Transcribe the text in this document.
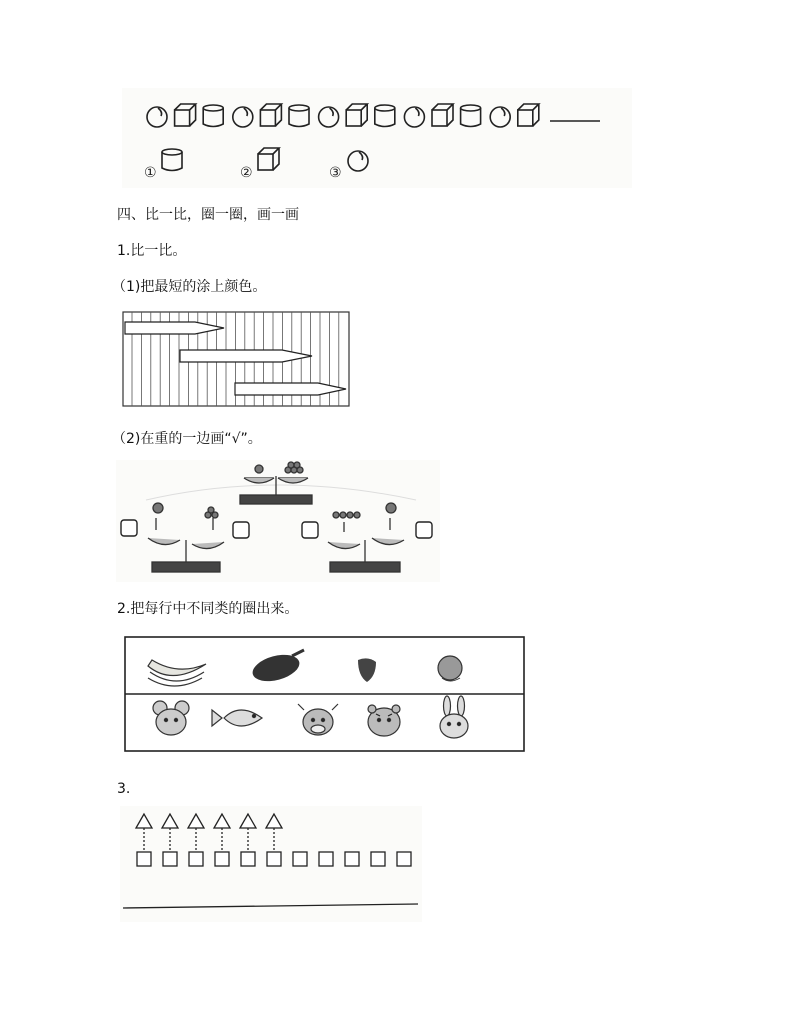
①	②	③
四、比一比，圈一圈，画一画
1.比一比。
（1)把最短的涂上颜色。
（2)在重的一边画“√”。
2.把每行中不同类的圈出来。
3.
